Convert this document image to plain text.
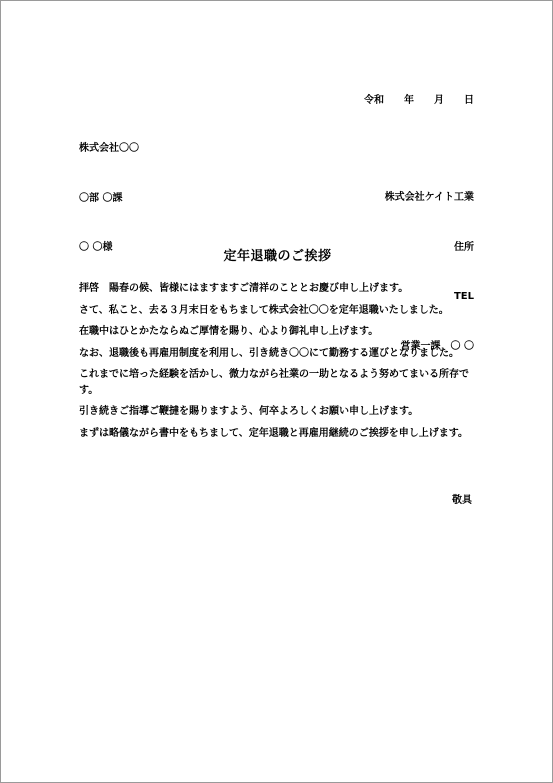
令和　　年　　月　　日

株式会社〇〇

〇部 〇課

〇 〇様

株式会社ケイト工業

住所

TEL

営業一課　〇 〇

定年退職のご挨拶

拝啓　陽春の候、皆様にはますますご清祥のこととお慶び申し上げます。

さて、私こと、去る３月末日をもちまして株式会社〇〇を定年退職いたしました。

在職中はひとかたならぬご厚情を賜り、心より御礼申し上げます。

なお、退職後も再雇用制度を利用し、引き続き〇〇にて勤務する運びとなりました。

これまでに培った経験を活かし、微力ながら社業の一助となるよう努めてまいる所存です。

引き続きご指導ご鞭撻を賜りますよう、何卒よろしくお願い申し上げます。

まずは略儀ながら書中をもちまして、定年退職と再雇用継続のご挨拶を申し上げます。

敬具
